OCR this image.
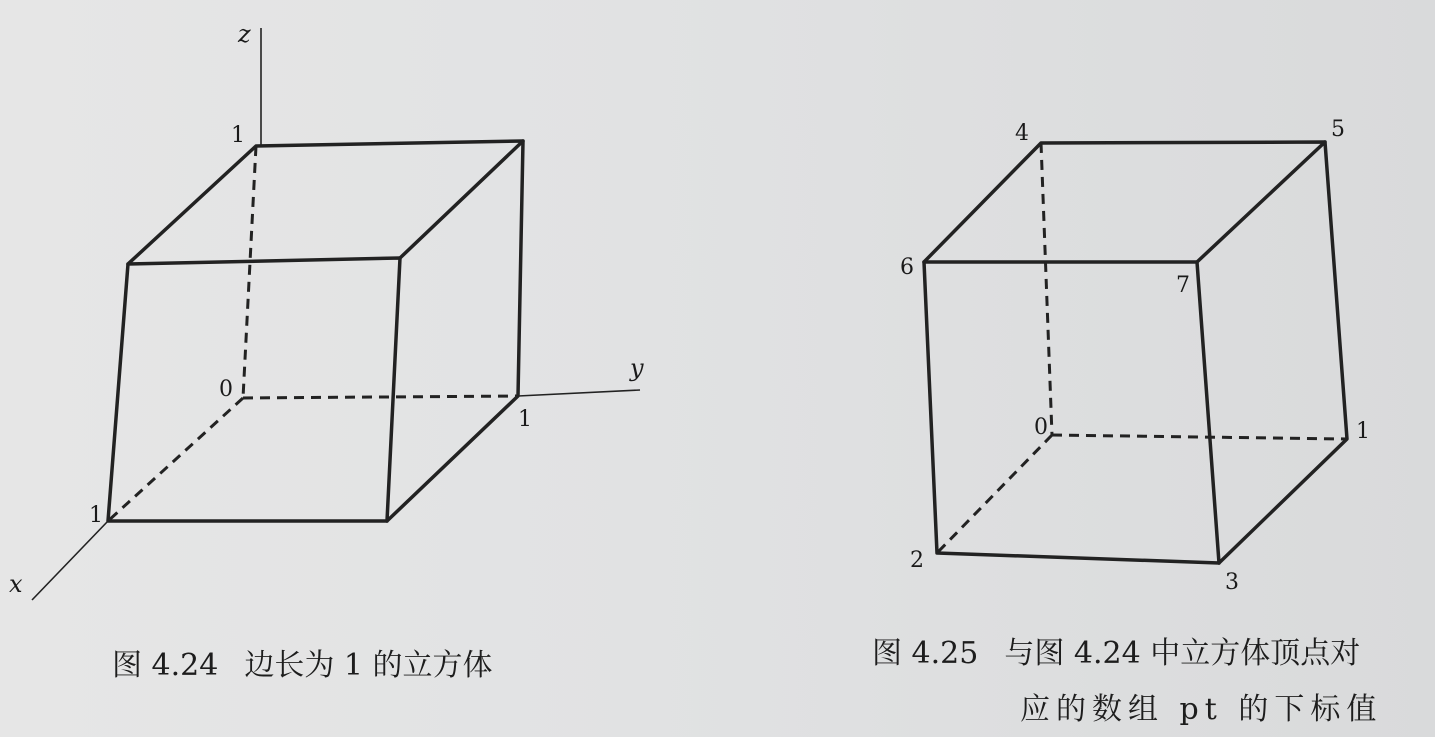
z
y
x
1
0
1
1
0	1
2
3
4	5
6
7
图 4.24 边长为 1 的立方体	图 4.25 与图 4.24 中立方体顶点对
应的数组 pt 的下标值
